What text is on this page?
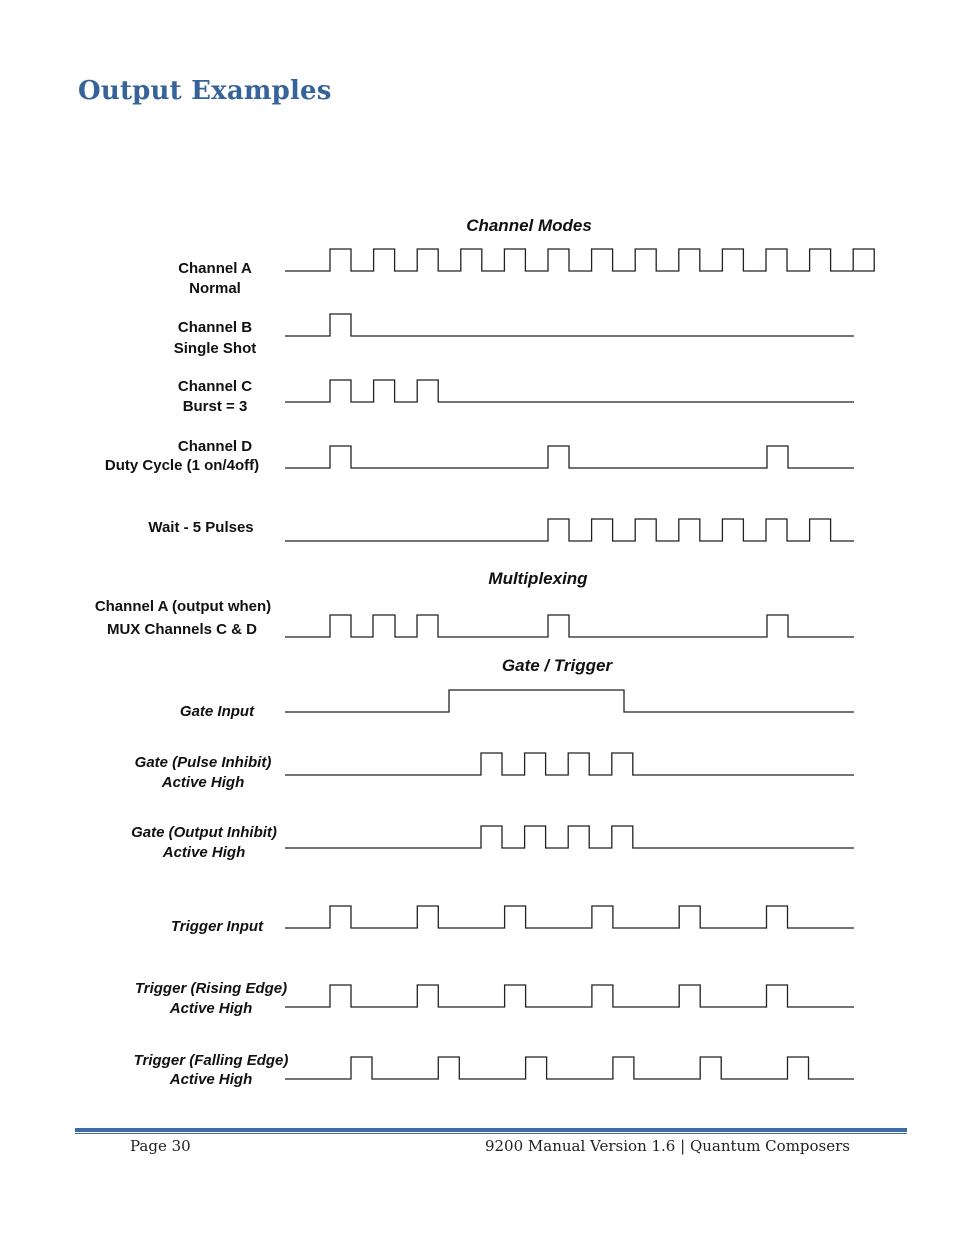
Output Examples
Channel Modes
Multiplexing
Gate / Trigger
Channel A
Normal
Channel B
Single Shot
Channel C
Burst = 3
Channel D
Duty Cycle (1 on/4off)
Wait - 5 Pulses
Channel A (output when)
MUX Channels C & D
Gate Input
Gate (Pulse Inhibit)
Active High
Gate (Output Inhibit)
Active High
Trigger Input
Trigger (Rising Edge)
Active High
Trigger (Falling Edge)
Active High
Page 30	9200 Manual Version 1.6 | Quantum Composers
